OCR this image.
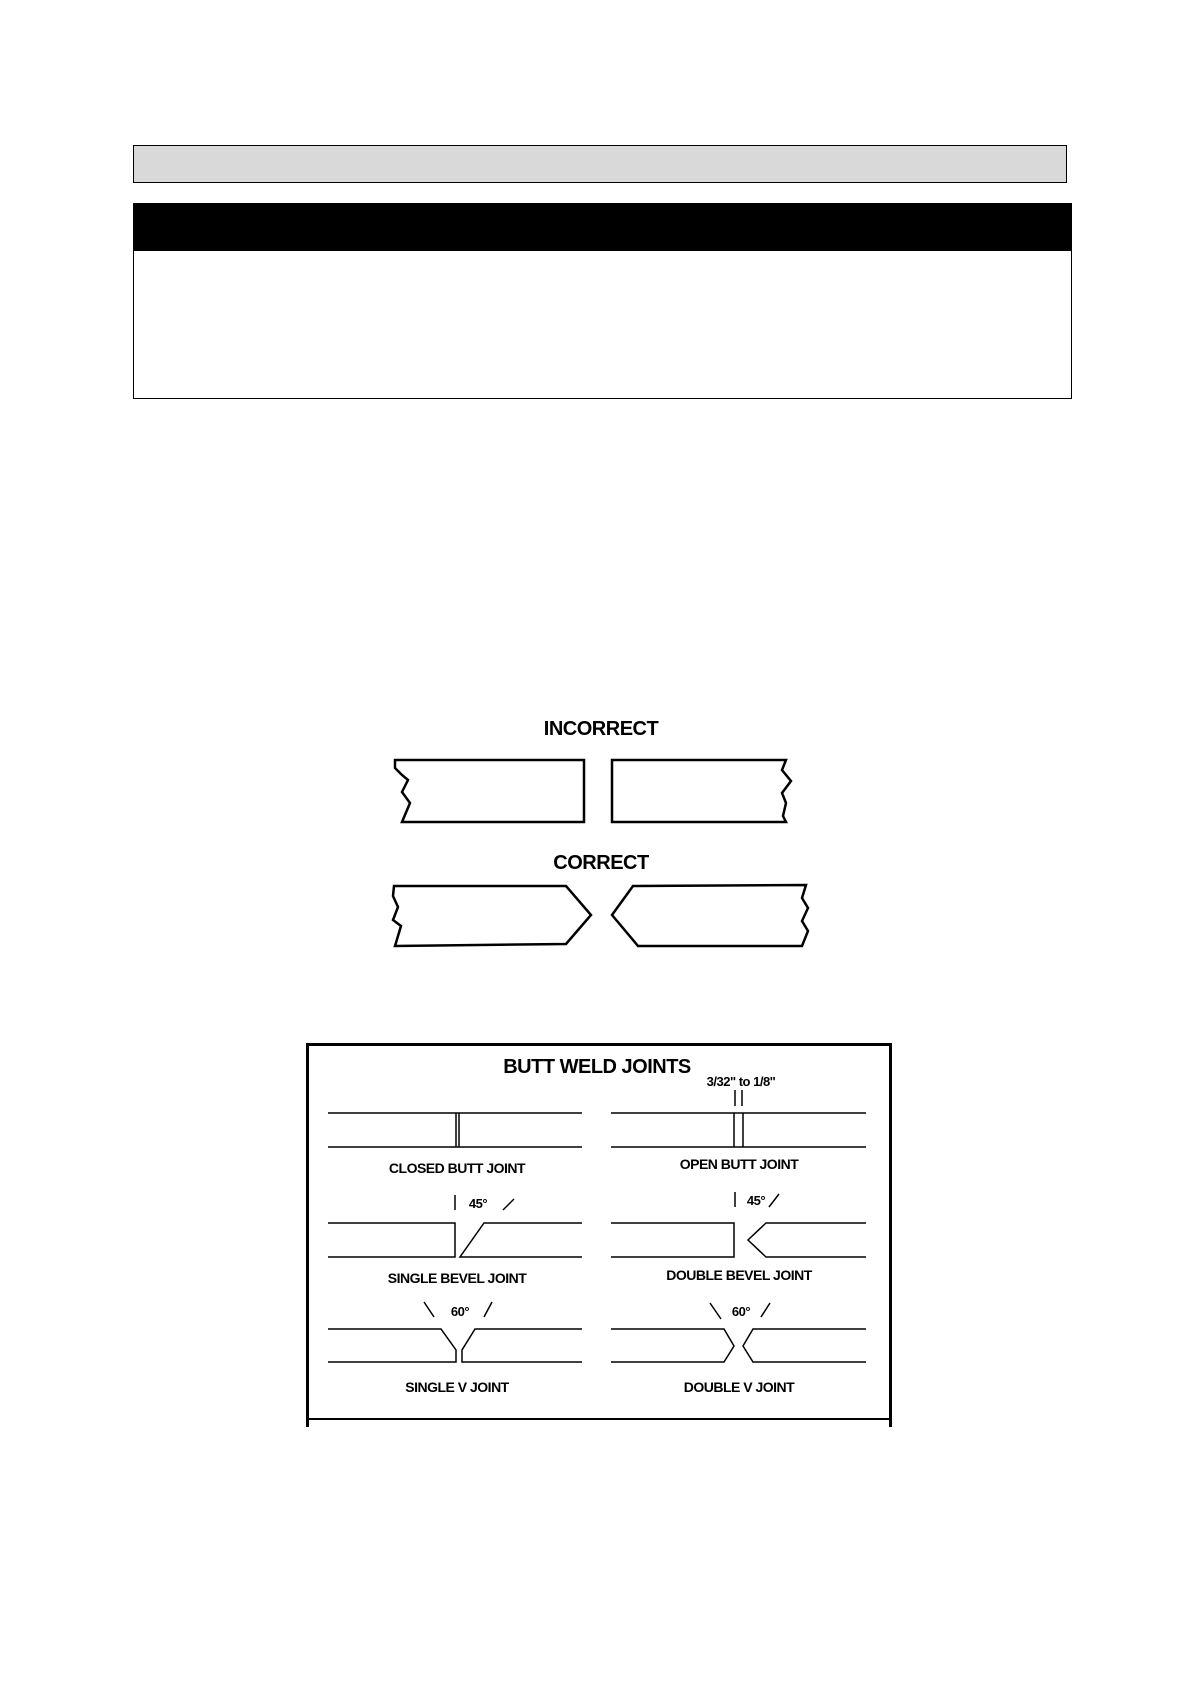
INCORRECT
CORRECT
BUTT WELD JOINTS
3/32" to 1/8"
CLOSED BUTT JOINT	OPEN BUTT JOINT
45°	45°
SINGLE BEVEL JOINT	DOUBLE BEVEL JOINT
60°	60°
SINGLE V JOINT	DOUBLE V JOINT
